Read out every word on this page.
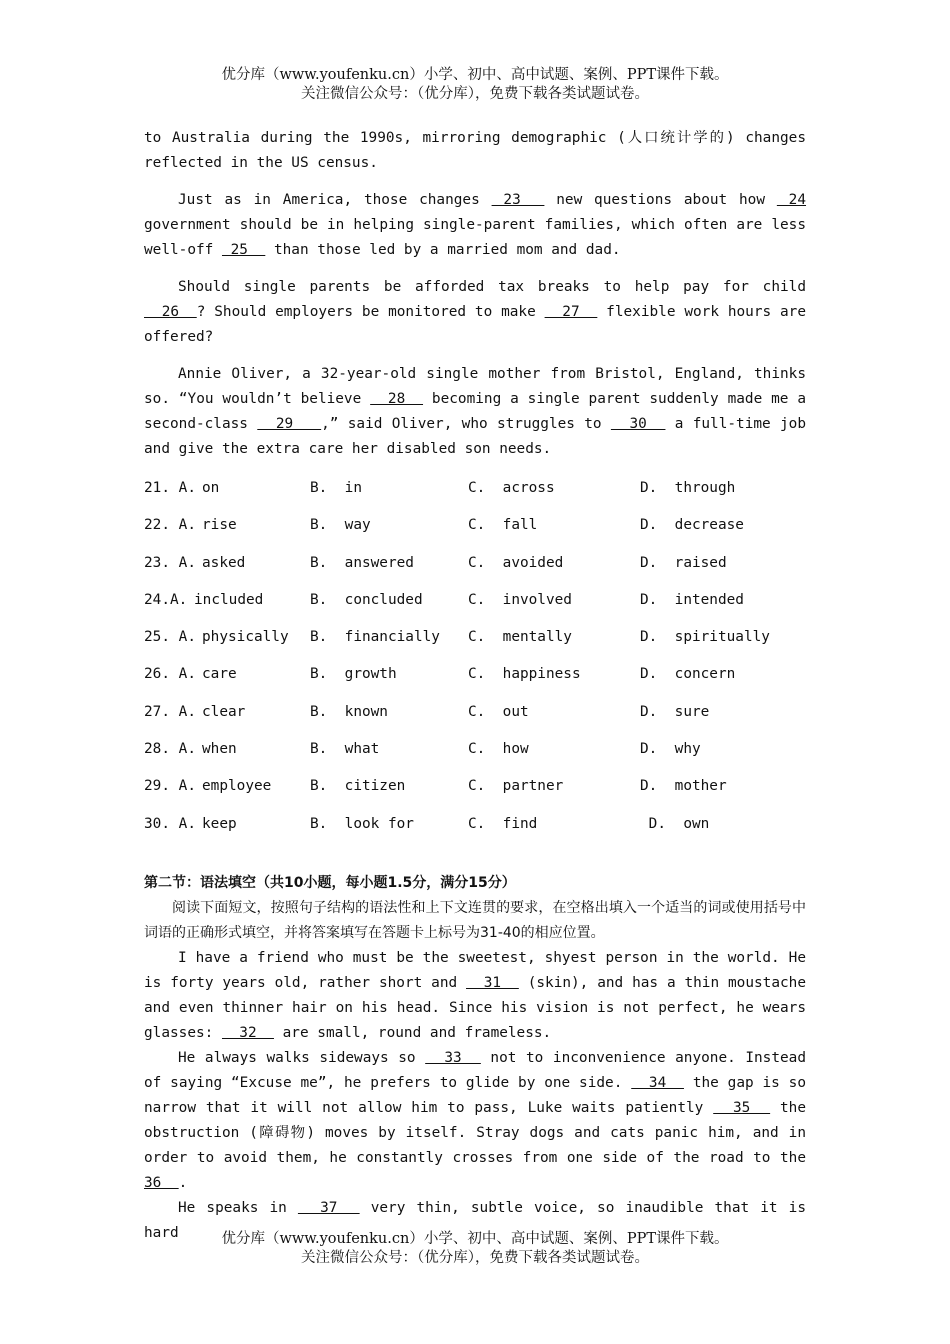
优分库（www.youfenku.cn）小学、初中、高中试题、案例、PPT课件下载。
关注微信公众号：（优分库），免费下载各类试题试卷。

to Australia during the 1990s, mirroring demographic (人口统计学的) changes reflected in the US census.

Just as in America, those changes  23   new questions about how  24 government should be in helping single-parent families, which often are less well-off  25   than those led by a married mom and dad.

Should single parents be afforded tax breaks to help pay for child   26  ? Should employers be monitored to make   27   flexible work hours are offered?

Annie Oliver, a 32-year-old single mother from Bristol, England, thinks so. “You wouldn’t believe   28   becoming a single parent suddenly made me a second-class   29   ,” said Oliver, who struggles to   30   a full-time job and give the extra care her disabled son needs.

21. A. on	B.  in	C.  across	D.  through
22. A. rise	B.  way	C.  fall	D.  decrease
23. A. asked	B.  answered	C.  avoided	D.  raised
24.A. included	B.  concluded	C.  involved	D.  intended
25. A. physically B.  financially C.  mentally	D.  spiritually
26. A. care	B.  growth	C.  happiness	D.  concern
27. A. clear	B.  known	C.  out	D.  sure
28. A. when	B.  what	C.  how	D.  why
29. A. employee	B.  citizen	C.  partner	D.  mother
30. A. keep	B.  look for	C.  find	D.  own
第二节：语法填空（共10小题，每小题1.5分，满分15分）

阅读下面短文，按照句子结构的语法性和上下文连贯的要求，在空格出填入一个适当的词或使用括号中词语的正确形式填空，并将答案填写在答题卡上标号为31-40的相应位置。

I have a friend who must be the sweetest, shyest person in the world. He is forty years old, rather short and   31   (skin), and has a thin moustache and even thinner hair on his head. Since his vision is not perfect, he wears glasses:   32   are small, round and frameless.

He always walks sideways so   33   not to inconvenience anyone. Instead of saying “Excuse me”, he prefers to glide by one side.   34   the gap is so narrow that it will not allow him to pass, Luke waits patiently   35   the obstruction (障碍物) moves by itself. Stray dogs and cats panic him, and in order to avoid them, he constantly crosses from one side of the road to the 36  .

He speaks in   37   very thin, subtle voice, so inaudible that it is hard	优分库（www.youfenku.cn）小学、初中、高中试题、案例、PPT课件下载。
关注微信公众号：（优分库），免费下载各类试题试卷。
